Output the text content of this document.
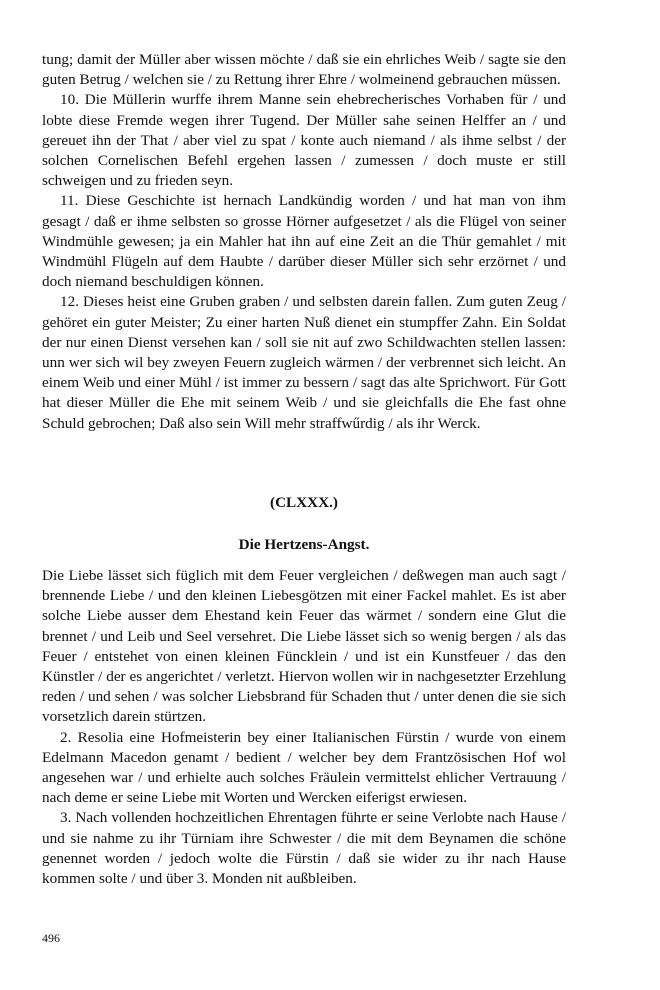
tung; damit der Müller aber wissen möchte / daß sie ein ehrliches Weib / sagte sie den guten Betrug / welchen sie / zu Rettung ihrer Ehre / wolmeinend gebrauchen müssen.

10. Die Müllerin wurffe ihrem Manne sein ehebrecherisches Vorhaben für / und lobte diese Fremde wegen ihrer Tugend. Der Müller sahe seinen Helffer an / und gereuet ihn der That / aber viel zu spat / konte auch niemand / als ihme selbst / der solchen Cornelischen Befehl ergehen lassen / zumessen / doch muste er still schweigen und zu frieden seyn.

11. Diese Geschichte ist hernach Landkündig worden / und hat man von ihm gesagt / daß er ihme selbsten so grosse Hörner aufgesetzet / als die Flügel von seiner Windmühle gewesen; ja ein Mahler hat ihn auf eine Zeit an die Thür gemahlet / mit Windmühl Flügeln auf dem Haubte / darüber dieser Müller sich sehr erzörnet / und doch niemand beschuldigen können.

12. Dieses heist eine Gruben graben / und selbsten darein fallen. Zum guten Zeug / gehöret ein guter Meister; Zu einer harten Nuß dienet ein stumpffer Zahn. Ein Soldat der nur einen Dienst versehen kan / soll sie nit auf zwo Schildwachten stellen lassen: unn wer sich wil bey zweyen Feuern zugleich wärmen / der verbrennet sich leicht. An einem Weib und einer Mühl / ist immer zu bessern / sagt das alte Sprichwort. Für Gott hat dieser Müller die Ehe mit seinem Weib / und sie gleichfalls die Ehe fast ohne Schuld gebrochen; Daß also sein Will mehr straffwűrdig / als ihr Werck.

(CLXXX.)
Die Hertzens-Angst.

Die Liebe lässet sich füglich mit dem Feuer vergleichen / deßwegen man auch sagt / brennende Liebe / und den kleinen Liebesgötzen mit einer Fackel mahlet. Es ist aber solche Liebe ausser dem Ehestand kein Feuer das wärmet / sondern eine Glut die brennet / und Leib und Seel versehret. Die Liebe lässet sich so wenig bergen / als das Feuer / entstehet von einen kleinen Füncklein / und ist ein Kunstfeuer / das den Künstler / der es angerichtet / verletzt. Hiervon wollen wir in nachgesetzter Erzehlung reden / und sehen / was solcher Liebsbrand für Schaden thut / unter denen die sie sich vorsetzlich darein stürtzen.

2. Resolia eine Hofmeisterin bey einer Italianischen Fürstin / wurde von einem Edelmann Macedon genamt / bedient / welcher bey dem Frantzösischen Hof wol angesehen war / und erhielte auch solches Fräulein vermittelst ehlicher Vertrauung / nach deme er seine Liebe mit Worten und Wercken eiferigst erwiesen.

3. Nach vollenden hochzeitlichen Ehrentagen führte er seine Verlobte nach Hause / und sie nahme zu ihr Türniam ihre Schwester / die mit dem Beynamen die schöne genennet worden / jedoch wolte die Fürstin / daß sie wider zu ihr nach Hause kommen solte / und über 3. Monden nit außbleiben.

496
